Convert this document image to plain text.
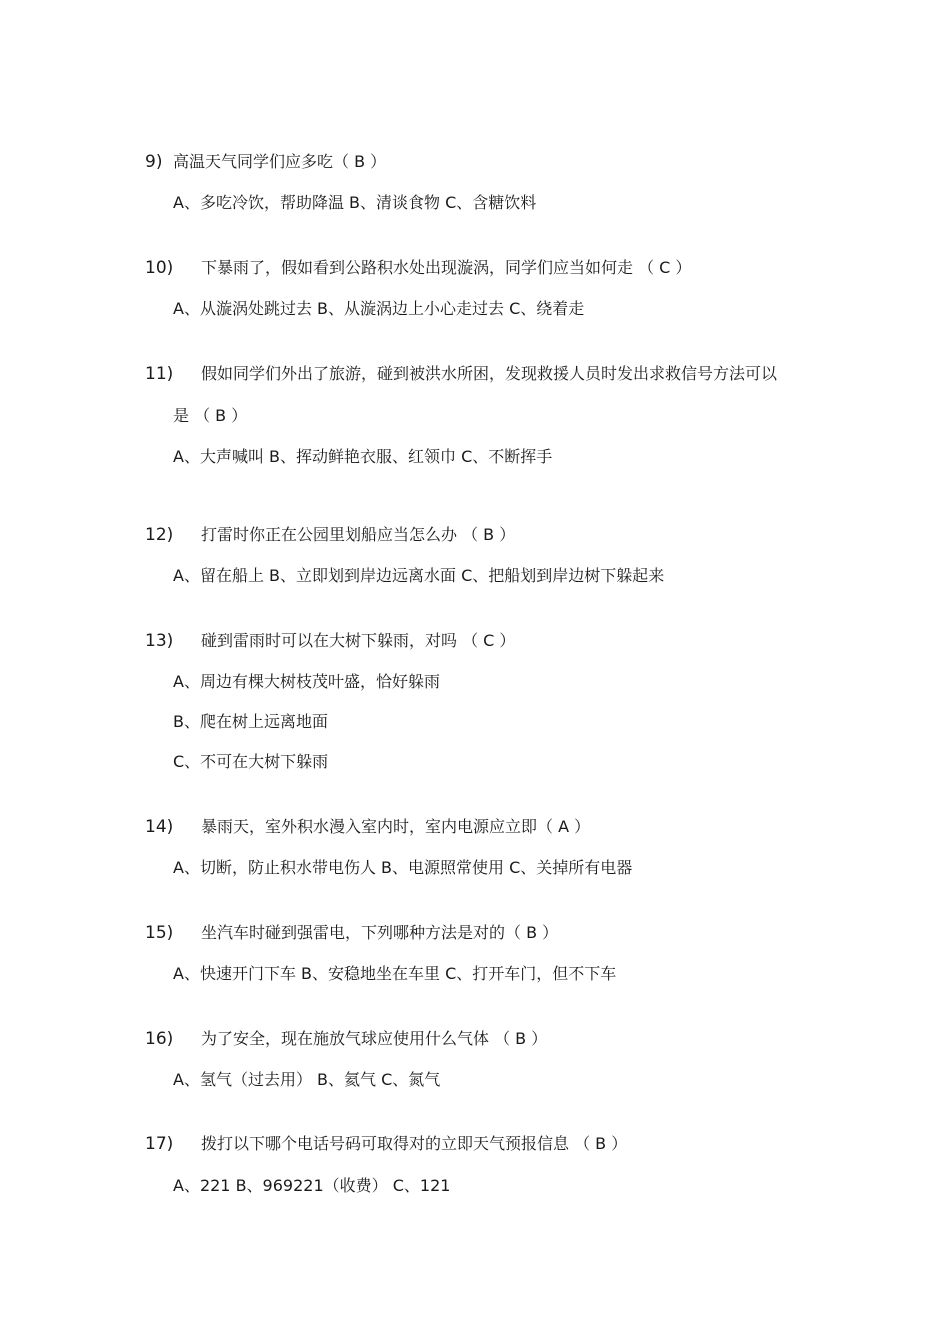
9) 高温天气同学们应多吃（ B ）
A、多吃冷饮，帮助降温 B、清谈食物 C、含糖饮料
10) 下暴雨了，假如看到公路积水处出现漩涡，同学们应当如何走 （ C ）
A、从漩涡处跳过去 B、从漩涡边上小心走过去 C、绕着走
11) 假如同学们外出了旅游，碰到被洪水所困，发现救援人员时发出求救信号方法可以
是 （ B ）
A、大声喊叫 B、挥动鲜艳衣服、红领巾 C、不断挥手
12) 打雷时你正在公园里划船应当怎么办 （ B ）
A、留在船上 B、立即划到岸边远离水面 C、把船划到岸边树下躲起来
13) 碰到雷雨时可以在大树下躲雨，对吗 （ C ）
A、周边有棵大树枝茂叶盛，恰好躲雨
B、爬在树上远离地面
C、不可在大树下躲雨
14) 暴雨天，室外积水漫入室内时，室内电源应立即（ A ）
A、切断，防止积水带电伤人 B、电源照常使用 C、关掉所有电器
15) 坐汽车时碰到强雷电，下列哪种方法是对的（ B ）
A、快速开门下车 B、安稳地坐在车里 C、打开车门，但不下车
16) 为了安全，现在施放气球应使用什么气体 （ B ）
A、氢气（过去用） B、氦气 C、氮气
17) 拨打以下哪个电话号码可取得对的立即天气预报信息 （ B ）
A、221 B、969221（收费） C、121
